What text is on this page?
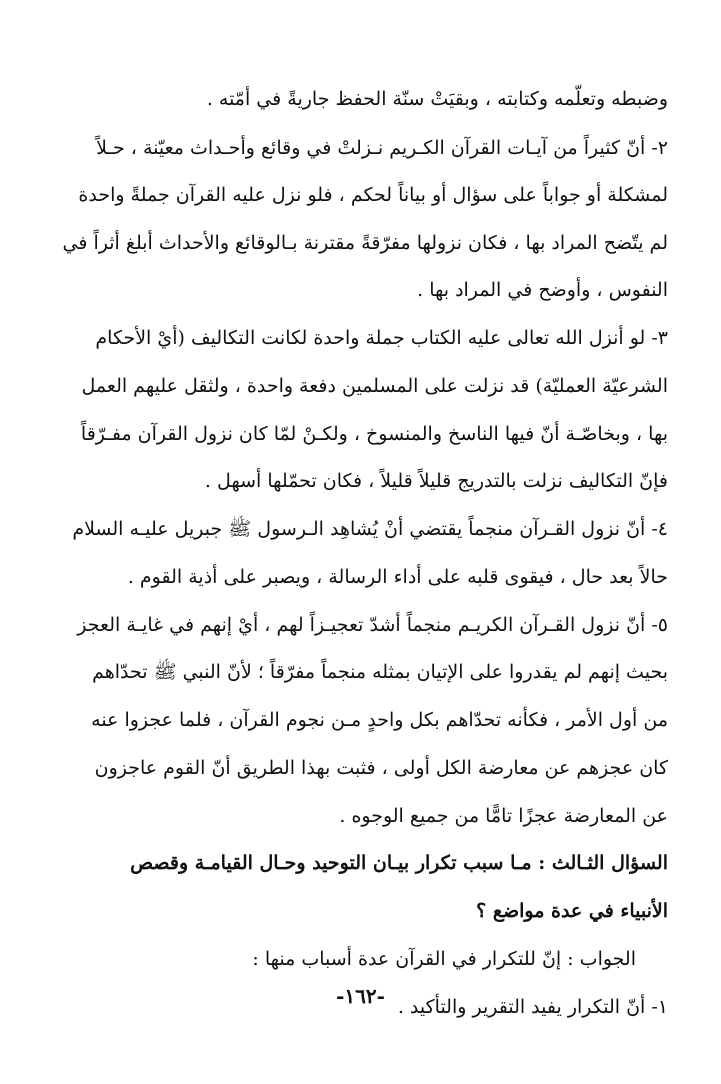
وضبطه وتعلّمه وكتابته ، وبقيَتْ سنّة الحفظ جاريةً في أمّته .
٢- أنّ كثيراً من آيـات القرآن الكـريم نـزلتْ في وقائع وأحـداث معيّنة ، حـلاً
لمشكلة أو جواباً على سؤال أو بياناً لحكم ، فلو نزل عليه القرآن جملةً واحدة
لم يتّضح المراد بها ، فكان نزولها مفرّقةً مقترنة بـالوقائع والأحداث أبلغ أثراً في
النفوس ، وأوضح في المراد بها .
٣- لو أنزل الله تعالى عليه الكتاب جملة واحدة لكانت التكاليف (أيْ الأحكام
الشرعيّة العمليّة) قد نزلت على المسلمين دفعة واحدة ، ولثقل عليهم العمل
بها ، وبخاصّـة أنّ فيها الناسخ والمنسوخ ، ولكـنْ لمّا كان نزول القرآن مفـرّقاً
فإنّ التكاليف نزلت بالتدريج قليلاً قليلاً ، فكان تحمّلها أسهل .
٤- أنّ نزول القـرآن منجماً يقتضي أنْ يُشاهِد الـرسول ﷺ جبريل عليـه السلام
حالاً بعد حال ، فيقوى قلبه على أداء الرسالة ، ويصبر على أذية القوم .
٥- أنّ نزول القـرآن الكريـم منجماً أشدّ تعجيـزاً لهم ، أيْ إنهم في غايـة العجز
بحيث إنهم لم يقدروا على الإتيان بمثله منجماً مفرّقاً ؛ لأنّ النبي ﷺ تحدّاهم
من أول الأمر ، فكأنه تحدّاهم بكل واحدٍ مـن نجوم القرآن ، فلما عجزوا عنه
كان عجزهم عن معارضة الكل أولى ، فثبت بهذا الطريق أنّ القوم عاجزون
عن المعارضة عجزًا تامًّا من جميع الوجوه .
السؤال الثـالث : مـا سبب تكرار بيـان التوحيد وحـال القيامـة وقصص
الأنبياء في عدة مواضع ؟
الجواب : إنّ للتكرار في القرآن عدة أسباب منها :
١- أنّ التكرار يفيد التقرير والتأكيد .
-١٦٢-
